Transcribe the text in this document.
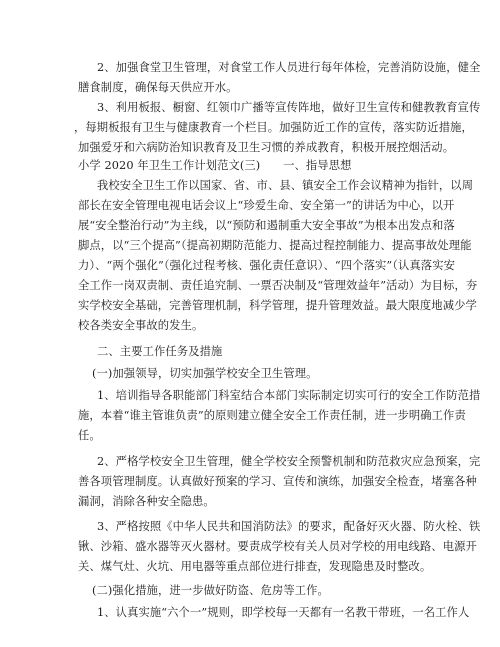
2、加强食堂卫生管理，对食堂工作人员进行每年体检，完善消防设施，健全
膳食制度，确保每天供应开水。
3、利用板报、橱窗、红领巾广播等宣传阵地，做好卫生宣传和健教教育宣传
，每期板报有卫生与健康教育一个栏目。加强防近工作的宣传，落实防近措施，
加强爱牙和六病防治知识教育及卫生习惯的养成教育，积极开展控烟活动。
小学 2020 年卫生工作计划范文(三)　　一、指导思想
我校安全卫生工作以国家、省、市、县、镇安全工作会议精神为指针，以周
部长在安全管理电视电话会议上“珍爱生命、安全第一”的讲话为中心，以开
展“安全整治行动”为主线，以“预防和遏制重大安全事故”为根本出发点和落
脚点，以“三个提高”（提高初期防范能力、提高过程控制能力、提高事故处理能
力）、“两个强化”（强化过程考核、强化责任意识）、“四个落实”（认真落实安
全工作一岗双责制、责任追究制、一票否决制及“管理效益年”活动）为目标，夯
实学校安全基础，完善管理机制，科学管理，提升管理效益。最大限度地减少学
校各类安全事故的发生。
二、主要工作任务及措施
(一)加强领导，切实加强学校安全卫生管理。
1、培训指导各职能部门科室结合本部门实际制定切实可行的安全工作防范措
施，本着“谁主管谁负责”的原则建立健全安全工作责任制，进一步明确工作责
任。
2、严格学校安全卫生管理，健全学校安全预警机制和防范救灾应急预案，完
善各项管理制度。认真做好预案的学习、宣传和演练，加强安全检查，堵塞各种
漏洞，消除各种安全隐患。
3、严格按照《中华人民共和国消防法》的要求，配备好灭火器、防火栓、铁
锹、沙箱、盛水器等灭火器材。要责成学校有关人员对学校的用电线路、电源开
关、煤气灶、火坑、用电器等重点部位进行排查，发现隐患及时整改。
(二)强化措施，进一步做好防盗、危房等工作。
1、认真实施“六个一”规则，即学校每一天都有一名教干带班，一名工作人
